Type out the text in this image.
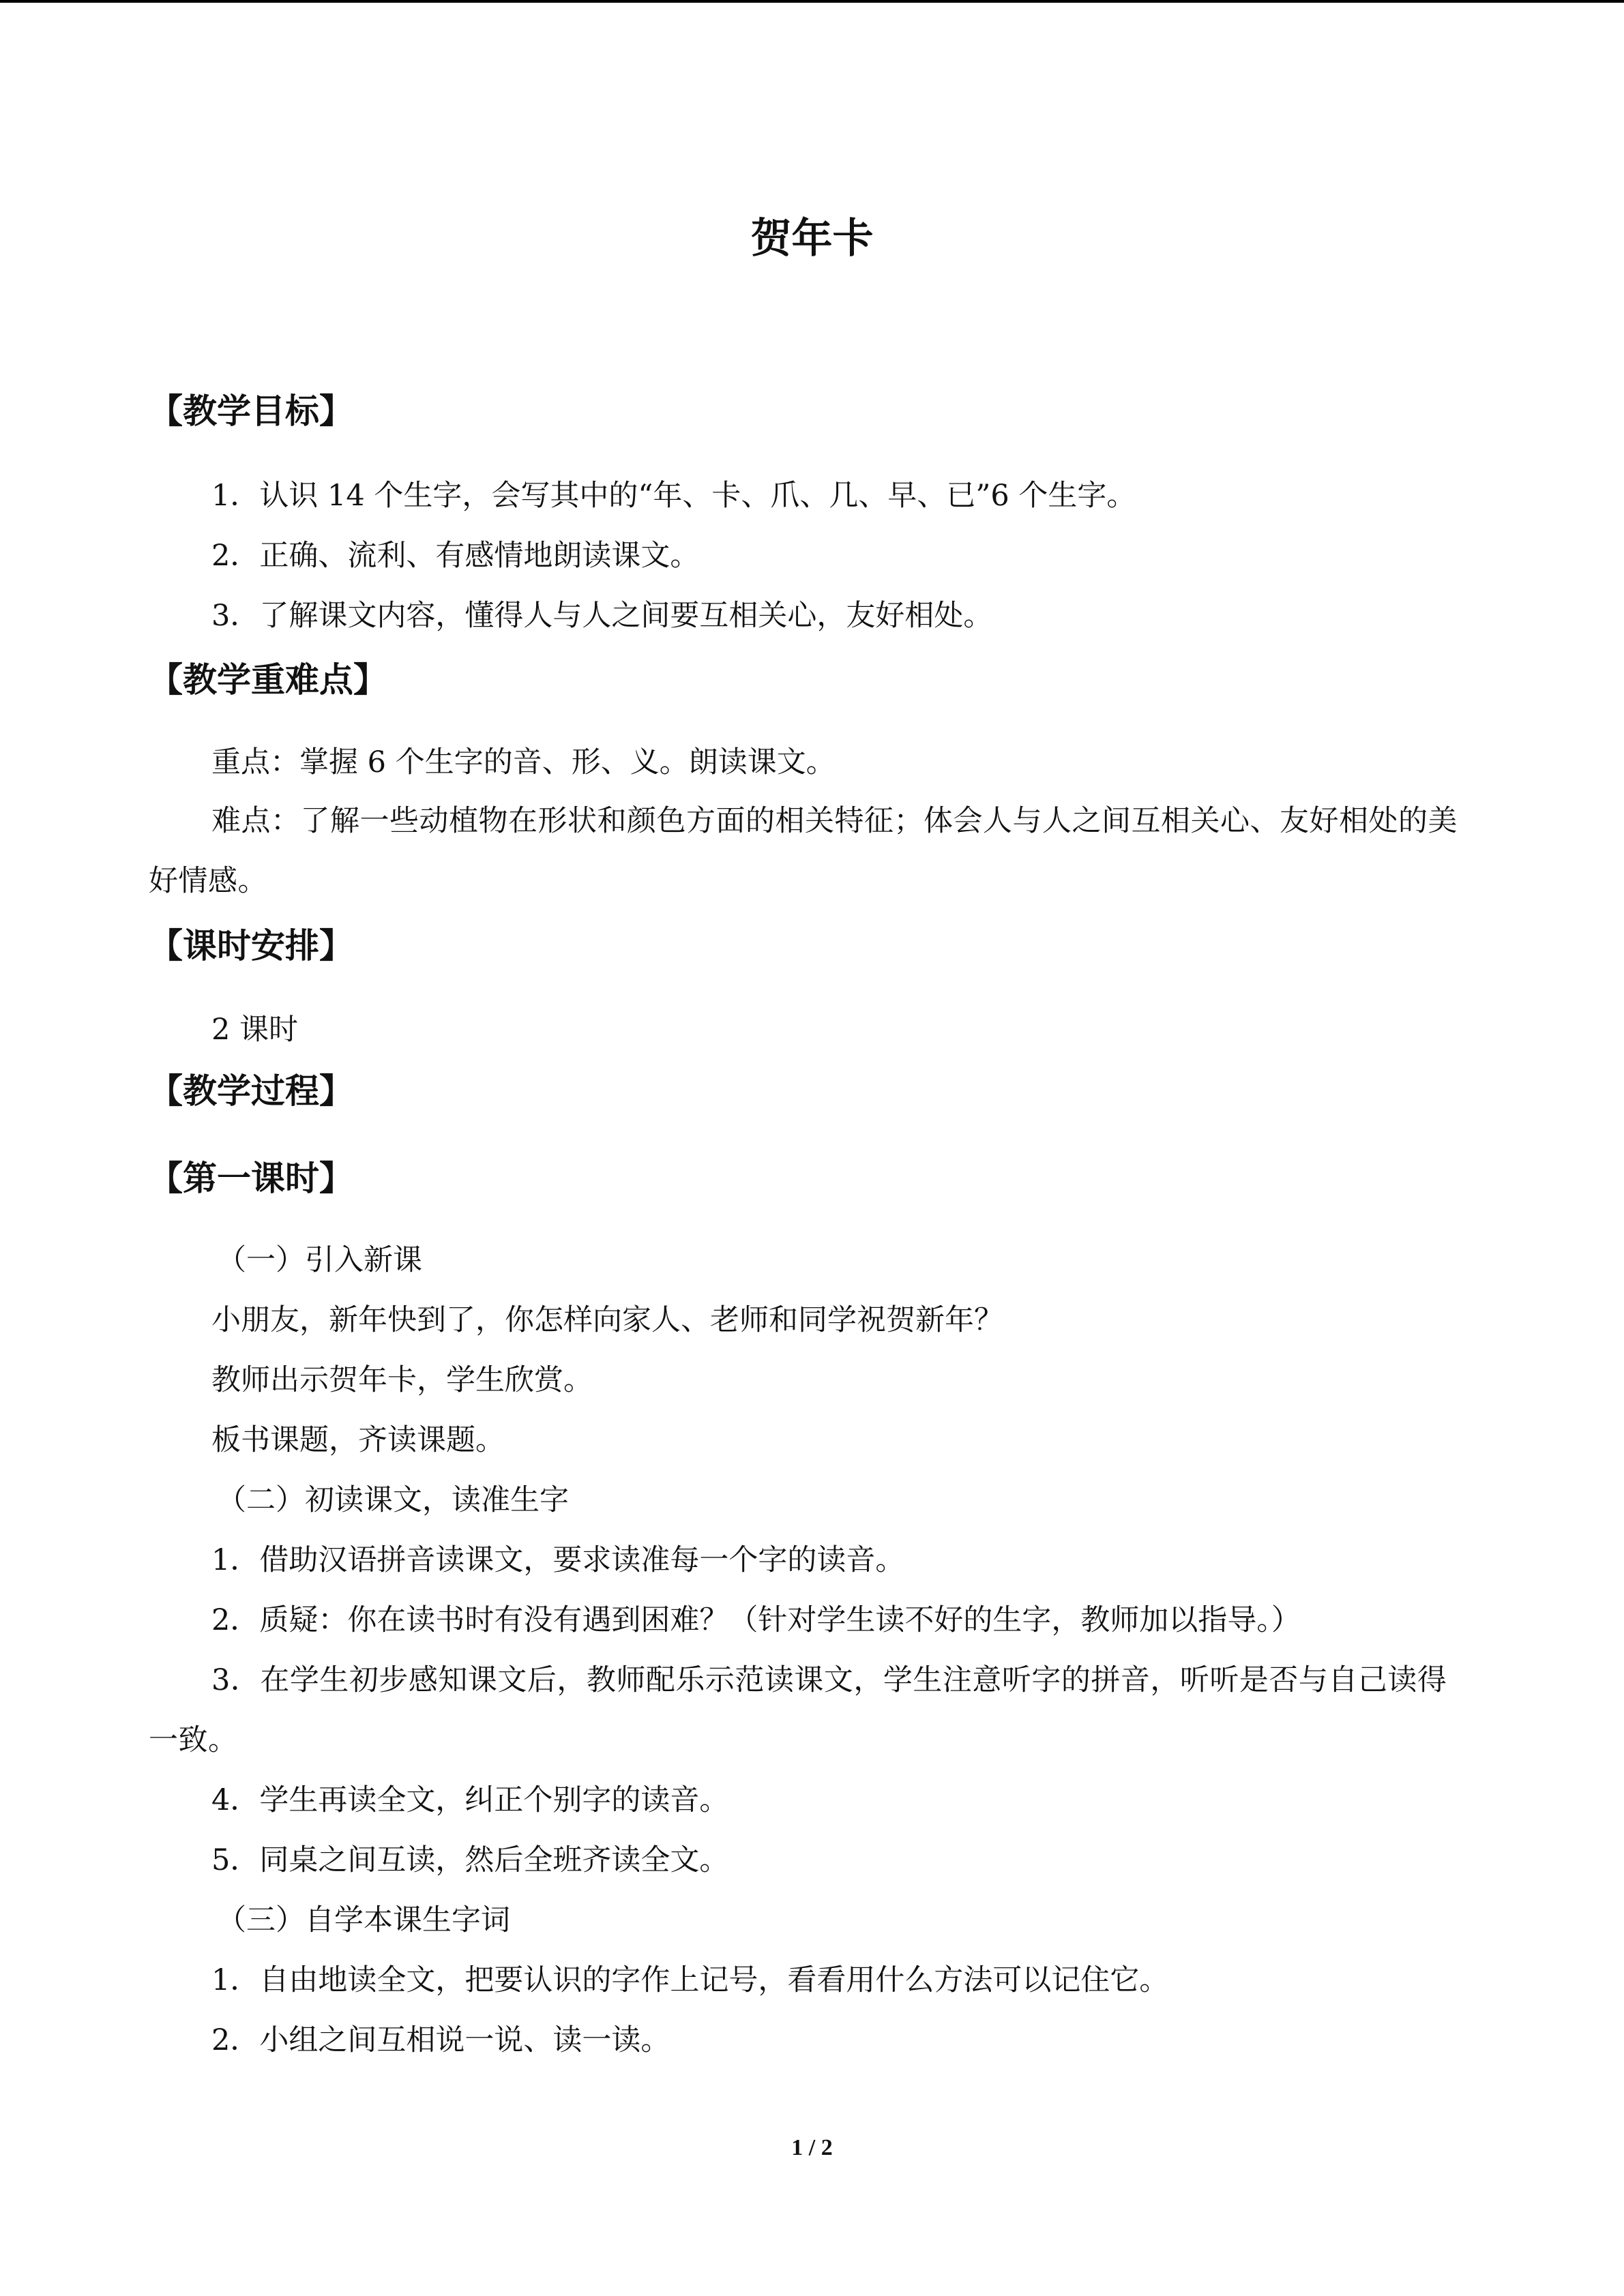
贺年卡
【教学目标】

1．认识 14 个生字，会写其中的“年、卡、爪、几、早、已”6 个生字。

2．正确、流利、有感情地朗读课文。

3．了解课文内容，懂得人与人之间要互相关心，友好相处。

【教学重难点】

重点：掌握 6 个生字的音、形、义。朗读课文。

难点：了解一些动植物在形状和颜色方面的相关特征；体会人与人之间互相关心、友好相处的美好情感。

【课时安排】

2 课时

【教学过程】
【第一课时】

（一）引入新课

小朋友，新年快到了，你怎样向家人、老师和同学祝贺新年？

教师出示贺年卡，学生欣赏。

板书课题，齐读课题。

（二）初读课文，读准生字

1．借助汉语拼音读课文，要求读准每一个字的读音。

2．质疑：你在读书时有没有遇到困难？（针对学生读不好的生字，教师加以指导。）

3．在学生初步感知课文后，教师配乐示范读课文，学生注意听字的拼音，听听是否与自己读得一致。

4．学生再读全文，纠正个别字的读音。

5．同桌之间互读，然后全班齐读全文。

（三）自学本课生字词

1．自由地读全文，把要认识的字作上记号，看看用什么方法可以记住它。

2．小组之间互相说一说、读一读。

1 / 2
